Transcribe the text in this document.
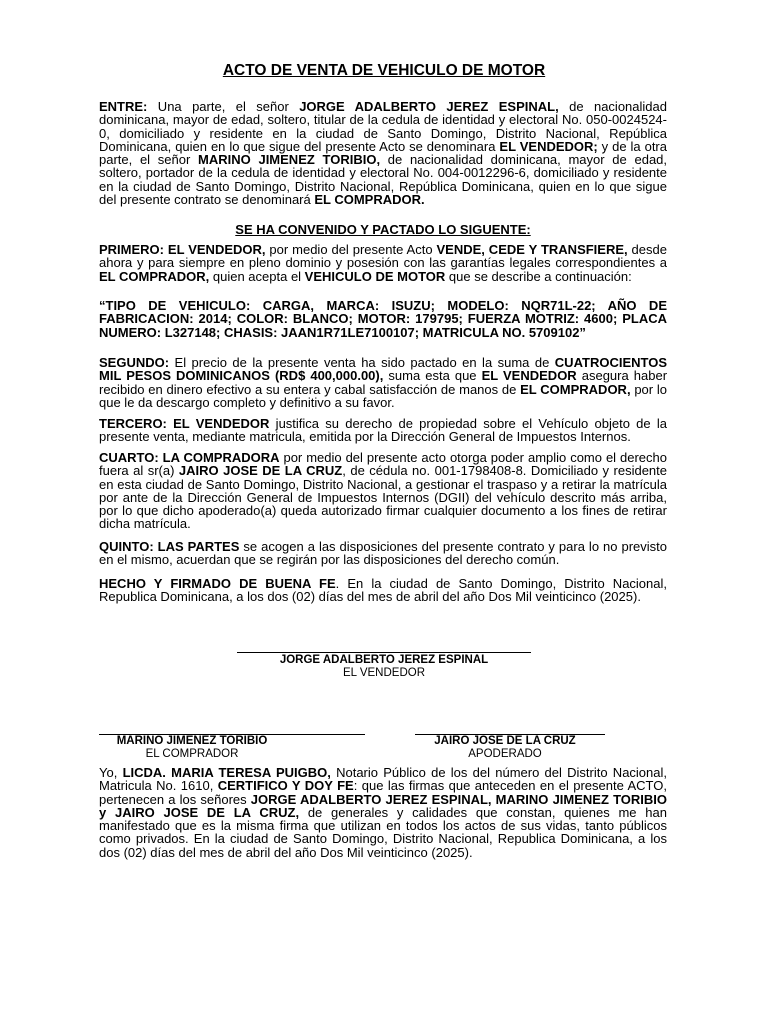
ACTO DE VENTA DE VEHICULO DE MOTOR
ENTRE: Una parte, el señor JORGE ADALBERTO JEREZ ESPINAL, de nacionalidad dominicana, mayor de edad, soltero, titular de la cedula de identidad y electoral No. 050-0024524-0, domiciliado y residente en la ciudad de Santo Domingo, Distrito Nacional, República Dominicana, quien en lo que sigue del presente Acto se denominara EL VENDEDOR; y de la otra parte, el señor MARINO JIMENEZ TORIBIO, de nacionalidad dominicana, mayor de edad, soltero, portador de la cedula de identidad y electoral No. 004-0012296-6, domiciliado y residente en la ciudad de Santo Domingo, Distrito Nacional, República Dominicana, quien en lo que sigue del presente contrato se denominará EL COMPRADOR.
SE HA CONVENIDO Y PACTADO LO SIGUENTE:
PRIMERO: EL VENDEDOR, por medio del presente Acto VENDE, CEDE Y TRANSFIERE, desde ahora y para siempre en pleno dominio y posesión con las garantías legales correspondientes a EL COMPRADOR, quien acepta el VEHICULO DE MOTOR que se describe a continuación:
“TIPO DE VEHICULO: CARGA, MARCA: ISUZU; MODELO: NQR71L-22; AÑO DE FABRICACION: 2014; COLOR: BLANCO; MOTOR: 179795; FUERZA MOTRIZ: 4600; PLACA NUMERO: L327148; CHASIS: JAAN1R71LE7100107; MATRICULA NO. 5709102”
SEGUNDO: El precio de la presente venta ha sido pactado en la suma de CUATROCIENTOS MIL PESOS DOMINICANOS (RD$ 400,000.00), suma esta que EL VENDEDOR asegura haber recibido en dinero efectivo a su entera y cabal satisfacción de manos de EL COMPRADOR, por lo que le da descargo completo y definitivo a su favor.
TERCERO: EL VENDEDOR justifica su derecho de propiedad sobre el Vehículo objeto de la presente venta, mediante matricula, emitida por la Dirección General de Impuestos Internos.
CUARTO: LA COMPRADORA por medio del presente acto otorga poder amplio como el derecho fuera al sr(a) JAIRO JOSE DE LA CRUZ, de cédula no. 001-1798408-8. Domiciliado y residente en esta ciudad de Santo Domingo, Distrito Nacional, a gestionar el traspaso y a retirar la matrícula por ante de la Dirección General de Impuestos Internos (DGII) del vehículo descrito más arriba, por lo que dicho apoderado(a) queda autorizado firmar cualquier documento a los fines de retirar dicha matrícula.
QUINTO: LAS PARTES se acogen a las disposiciones del presente contrato y para lo no previsto en el mismo, acuerdan que se regirán por las disposiciones del derecho común.
HECHO Y FIRMADO DE BUENA FE. En la ciudad de Santo Domingo, Distrito Nacional, Republica Dominicana, a los dos (02) días del mes de abril del año Dos Mil veinticinco (2025).
JORGE ADALBERTO JEREZ ESPINAL
EL VENDEDOR
MARINO JIMENEZ TORIBIO
EL COMPRADOR
JAIRO JOSE DE LA CRUZ
APODERADO
Yo, LICDA. MARIA TERESA PUIGBO, Notario Público de los del número del Distrito Nacional, Matricula No. 1610, CERTIFICO Y DOY FE: que las firmas que anteceden en el presente ACTO, pertenecen a los señores JORGE ADALBERTO JEREZ ESPINAL, MARINO JIMENEZ TORIBIO y JAIRO JOSE DE LA CRUZ, de generales y calidades que constan, quienes me han manifestado que es la misma firma que utilizan en todos los actos de sus vidas, tanto públicos como privados. En la ciudad de Santo Domingo, Distrito Nacional, Republica Dominicana, a los dos (02) días del mes de abril del año Dos Mil veinticinco (2025).
